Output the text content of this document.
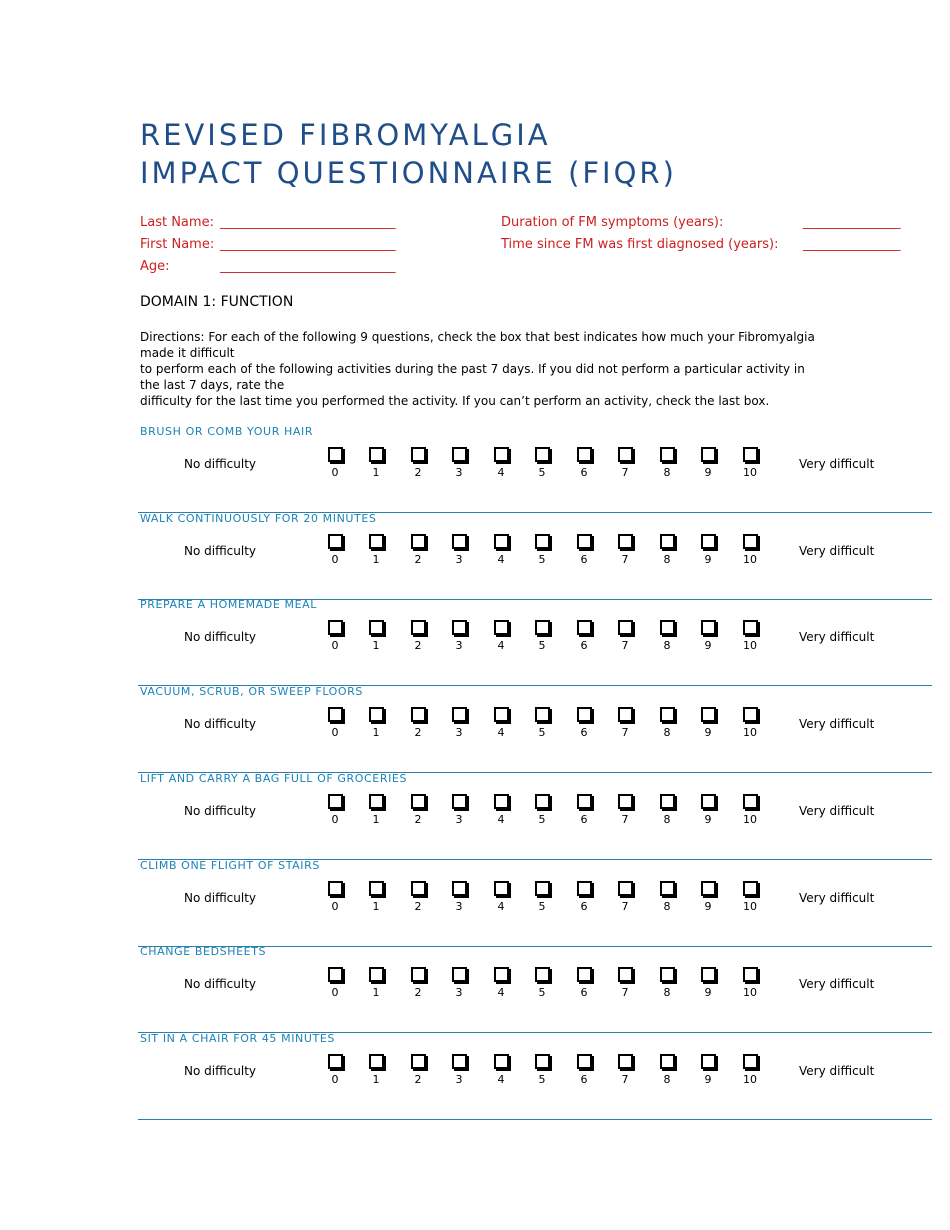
REVISED FIBROMYALGIA
IMPACT QUESTIONNAIRE (FIQR)
Last Name: ___________________________
First Name: ___________________________
Age:	___________________________
Duration of FM symptoms (years):	_______________
Time since FM was first diagnosed (years): _______________
DOMAIN 1: FUNCTION

Directions: For each of the following 9 questions, check the box that best indicates how much your Fibromyalgia made it difficult

to perform each of the following activities during the past 7 days. If you did not perform a particular activity in the last 7 days, rate the

difficulty for the last time you performed the activity. If you can’t perform an activity, check the last box.

BRUSH OR COMB YOUR HAIR
No difficulty
0	1	2	3	4	5	6	7	8	9	10
Very difficult
WALK CONTINUOUSLY FOR 20 MINUTES
No difficulty
0	1	2	3	4	5	6	7	8	9	10
Very difficult
PREPARE A HOMEMADE MEAL
No difficulty
0	1	2	3	4	5	6	7	8	9	10
Very difficult
VACUUM, SCRUB, OR SWEEP FLOORS
No difficulty
0	1	2	3	4	5	6	7	8	9	10
Very difficult
LIFT AND CARRY A BAG FULL OF GROCERIES
No difficulty
0	1	2	3	4	5	6	7	8	9	10
Very difficult
CLIMB ONE FLIGHT OF STAIRS
No difficulty
0	1	2	3	4	5	6	7	8	9	10
Very difficult
CHANGE BEDSHEETS
No difficulty
0	1	2	3	4	5	6	7	8	9	10
Very difficult
SIT IN A CHAIR FOR 45 MINUTES
No difficulty
0	1	2	3	4	5	6	7	8	9	10
Very difficult
